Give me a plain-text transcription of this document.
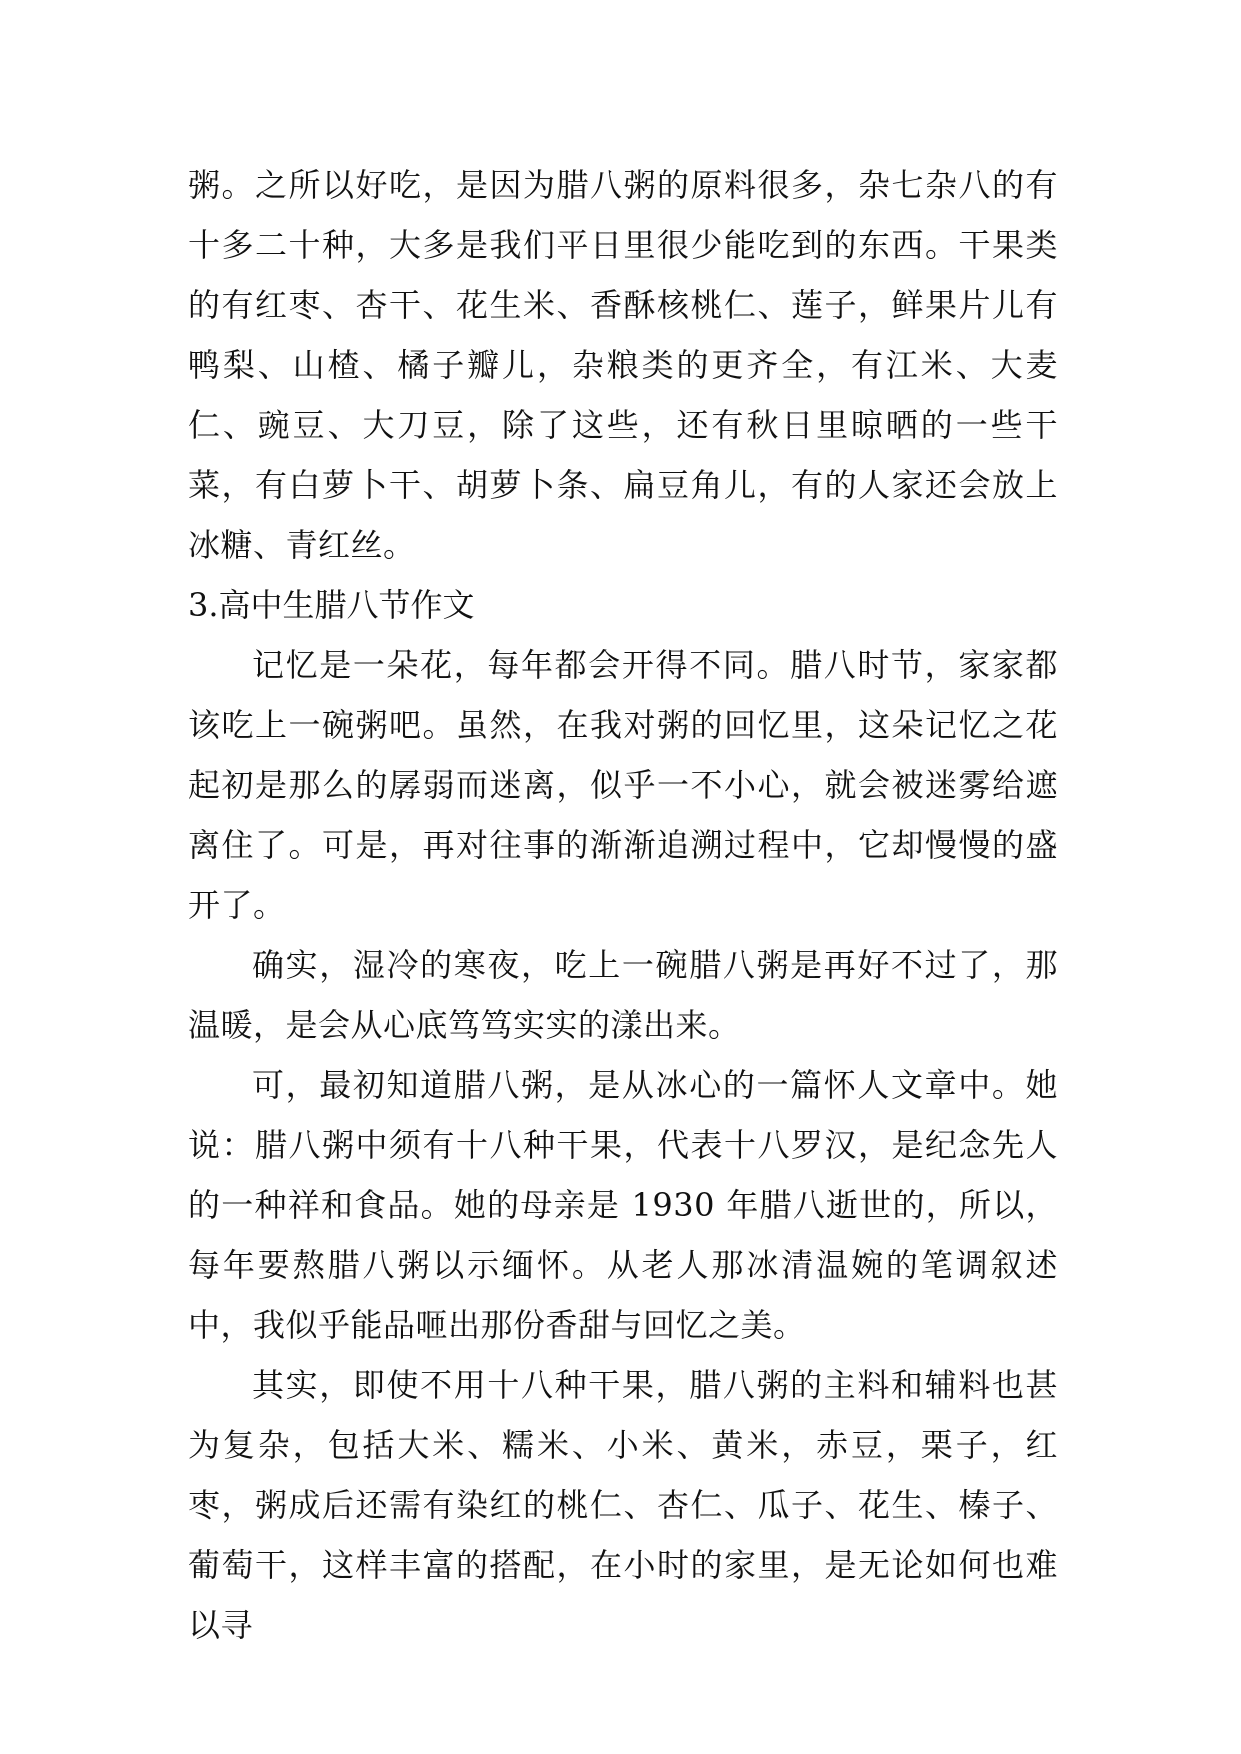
粥。之所以好吃，是因为腊八粥的原料很多，杂七杂八的有十多二十种，大多是我们平日里很少能吃到的东西。干果类的有红枣、杏干、花生米、香酥核桃仁、莲子，鲜果片儿有鸭梨、山楂、橘子瓣儿，杂粮类的更齐全，有江米、大麦仁、豌豆、大刀豆，除了这些，还有秋日里晾晒的一些干菜，有白萝卜干、胡萝卜条、扁豆角儿，有的人家还会放上冰糖、青红丝。

3.高中生腊八节作文

记忆是一朵花，每年都会开得不同。腊八时节，家家都该吃上一碗粥吧。虽然，在我对粥的回忆里，这朵记忆之花起初是那么的孱弱而迷离，似乎一不小心，就会被迷雾给遮离住了。可是，再对往事的渐渐追溯过程中，它却慢慢的盛开了。

确实，湿冷的寒夜，吃上一碗腊八粥是再好不过了，那温暖，是会从心底笃笃实实的漾出来。

可，最初知道腊八粥，是从冰心的一篇怀人文章中。她说：腊八粥中须有十八种干果，代表十八罗汉，是纪念先人的一种祥和食品。她的母亲是 1930 年腊八逝世的，所以，每年要熬腊八粥以示缅怀。从老人那冰清温婉的笔调叙述中，我似乎能品咂出那份香甜与回忆之美。

其实，即使不用十八种干果，腊八粥的主料和辅料也甚为复杂，包括大米、糯米、小米、黄米，赤豆，栗子，红枣，粥成后还需有染红的桃仁、杏仁、瓜子、花生、榛子、葡萄干，这样丰富的搭配，在小时的家里，是无论如何也难以寻
